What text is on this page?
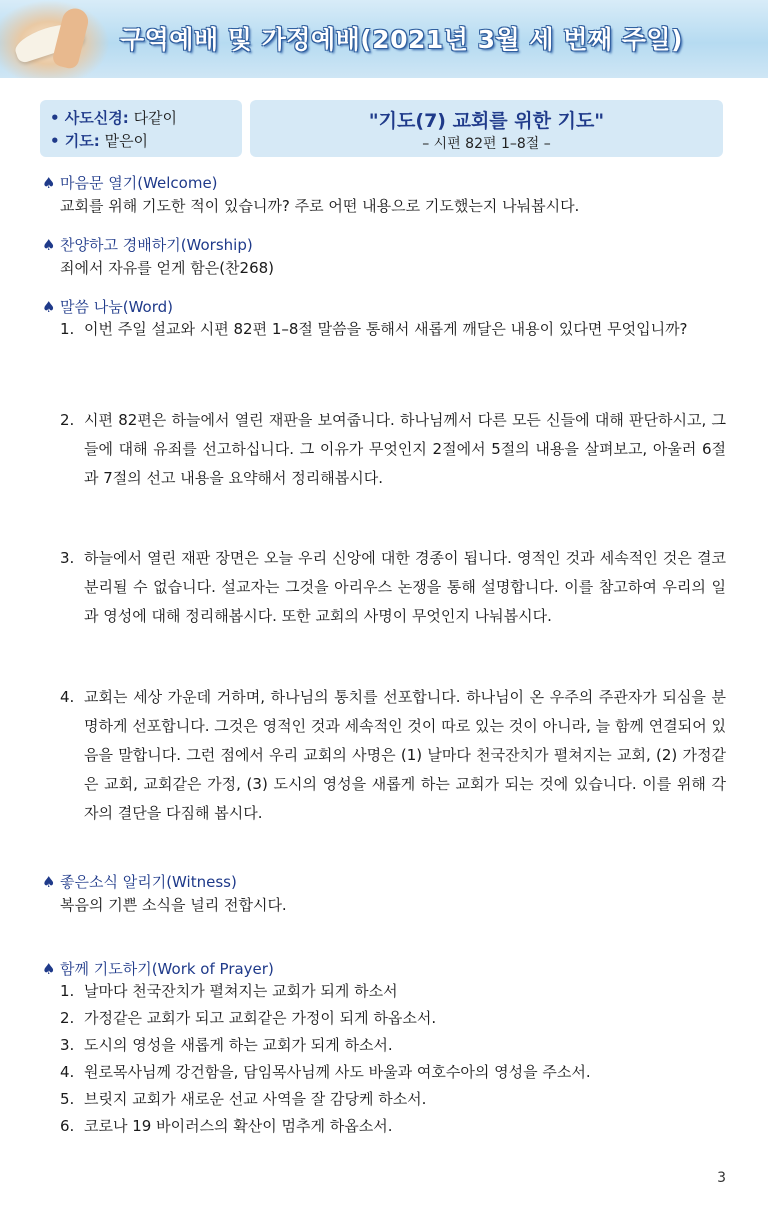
구역예배 및 가정예배(2021년 3월 세 번째 주일)
• 사도신경: 다같이
• 기도: 맡은이
"기도(7) 교회를 위한 기도"
– 시편 82편 1–8절 –
♠ 마음문 열기(Welcome)
교회를 위해 기도한 적이 있습니까? 주로 어떤 내용으로 기도했는지 나눠봅시다.
♠ 찬양하고 경배하기(Worship)
죄에서 자유를 얻게 함은(찬268)
♠ 말씀 나눔(Word)
1. 이번 주일 설교와 시편 82편 1–8절 말씀을 통해서 새롭게 깨달은 내용이 있다면 무엇입니까?
2. 시편 82편은 하늘에서 열린 재판을 보여줍니다. 하나님께서 다른 모든 신들에 대해 판단하시고, 그들에 대해 유죄를 선고하십니다. 그 이유가 무엇인지 2절에서 5절의 내용을 살펴보고, 아울러 6절과 7절의 선고 내용을 요약해서 정리해봅시다.
3. 하늘에서 열린 재판 장면은 오늘 우리 신앙에 대한 경종이 됩니다. 영적인 것과 세속적인 것은 결코 분리될 수 없습니다. 설교자는 그것을 아리우스 논쟁을 통해 설명합니다. 이를 참고하여 우리의 일과 영성에 대해 정리해봅시다. 또한 교회의 사명이 무엇인지 나눠봅시다.
4. 교회는 세상 가운데 거하며, 하나님의 통치를 선포합니다. 하나님이 온 우주의 주관자가 되심을 분명하게 선포합니다. 그것은 영적인 것과 세속적인 것이 따로 있는 것이 아니라, 늘 함께 연결되어 있음을 말합니다. 그런 점에서 우리 교회의 사명은 (1) 날마다 천국잔치가 펼쳐지는 교회, (2) 가정같은 교회, 교회같은 가정, (3) 도시의 영성을 새롭게 하는 교회가 되는 것에 있습니다. 이를 위해 각자의 결단을 다짐해 봅시다.
♠ 좋은소식 알리기(Witness)
복음의 기쁜 소식을 널리 전합시다.
♠ 함께 기도하기(Work of Prayer)
1. 날마다 천국잔치가 펼쳐지는 교회가 되게 하소서
2. 가정같은 교회가 되고 교회같은 가정이 되게 하옵소서.
3. 도시의 영성을 새롭게 하는 교회가 되게 하소서.
4. 원로목사님께 강건함을, 담임목사님께 사도 바울과 여호수아의 영성을 주소서.
5. 브릿지 교회가 새로운 선교 사역을 잘 감당케 하소서.
6. 코로나 19 바이러스의 확산이 멈추게 하옵소서.
3
